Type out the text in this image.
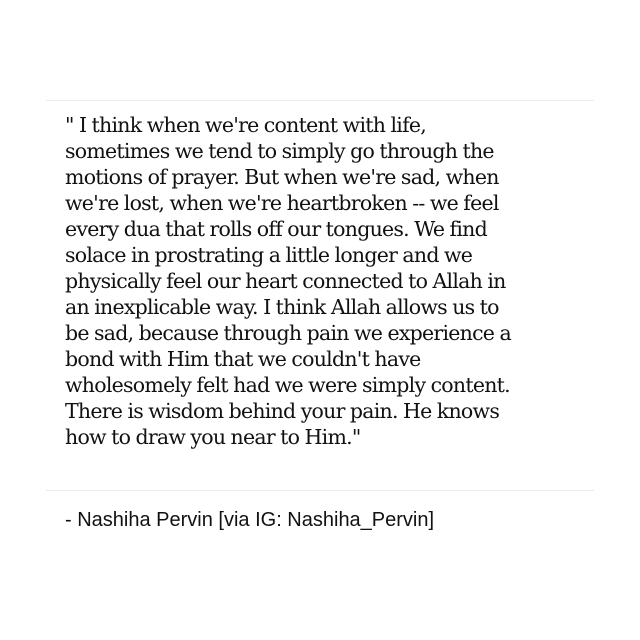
" I think when we're content with life,
sometimes we tend to simply go through the
motions of prayer. But when we're sad, when
we're lost, when we're heartbroken -- we feel
every dua that rolls off our tongues. We find
solace in prostrating a little longer and we
physically feel our heart connected to Allah in
an inexplicable way. I think Allah allows us to
be sad, because through pain we experience a
bond with Him that we couldn't have
wholesomely felt had we were simply content.
There is wisdom behind your pain. He knows
how to draw you near to Him."
- Nashiha Pervin [via IG: Nashiha_Pervin]
